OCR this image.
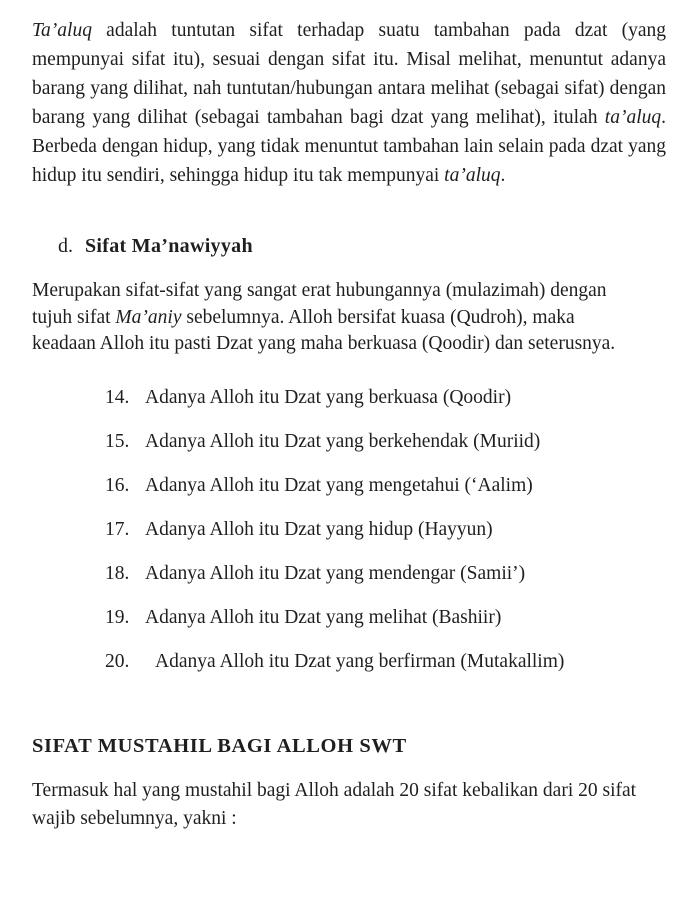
Ta’aluq adalah tuntutan sifat terhadap suatu tambahan pada dzat (yang mempunyai sifat itu), sesuai dengan sifat itu. Misal melihat, menuntut adanya barang yang dilihat, nah tuntutan/hubungan antara melihat (sebagai sifat) dengan barang yang dilihat (sebagai tambahan bagi dzat yang melihat), itulah ta’aluq. Berbeda dengan hidup, yang tidak menuntut tambahan lain selain pada dzat yang hidup itu sendiri, sehingga hidup itu tak mempunyai ta’aluq.

d. Sifat Ma’nawiyyah

Merupakan sifat-sifat yang sangat erat hubungannya (mulazimah) dengan tujuh sifat Ma’aniy sebelumnya. Alloh bersifat kuasa (Qudroh), maka keadaan Alloh itu pasti Dzat yang maha berkuasa (Qoodir) dan seterusnya.

14. Adanya Alloh itu Dzat yang berkuasa (Qoodir)
15. Adanya Alloh itu Dzat yang berkehendak (Muriid)
16. Adanya Alloh itu Dzat yang mengetahui (‘Aalim)
17. Adanya Alloh itu Dzat yang hidup (Hayyun)
18. Adanya Alloh itu Dzat yang mendengar (Samii’)
19. Adanya Alloh itu Dzat yang melihat (Bashiir)
20. Adanya Alloh itu Dzat yang berfirman (Mutakallim)
SIFAT MUSTAHIL BAGI ALLOH SWT

Termasuk hal yang mustahil bagi Alloh adalah 20 sifat kebalikan dari 20 sifat wajib sebelumnya, yakni :
